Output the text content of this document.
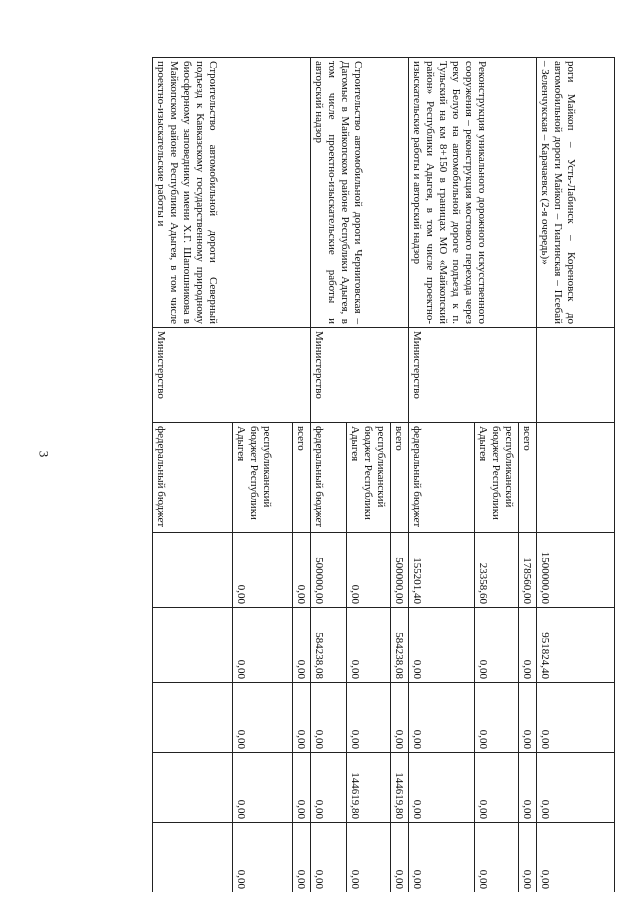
3
роги Майкоп – Усть-Лабинск – Кореновск до автомобильной дороги Майкоп – Гиагинская – Псебай – Зеленчукская – Карачаевск (2-я очередь)»			1500000,00	951824,40	0,00	0,00	0,00
Реконструкция уникального дорожного искусственного сооружения – реконструкция мостового перехода через реку Белую на автомобильной дороге подъезд к п. Тульский на км 8+150 в границах МО «Майкопский район» Республики Адыгея, в том числе проектно-изыскательские работы и авторский надзор	Министерство	всего	178560,00	0,00	0,00	0,00	0,00
		республиканский бюджет Республики Адыгея	23358,60	0,00	0,00	0,00	0,00
		федеральный бюджет	155201,40	0,00	0,00	0,00	0,00
Строительство автомобильной дороги Черниговская – Дагомыс в Майкопском районе Республики Адыгея, в том числе проектно-изыскательские работы и авторский надзор	Министерство	всего	500000,00	584238,08	0,00	144619,80	0,00
		республиканский бюджет Республики Адыгея	0,00	0,00	0,00	144619,80	0,00
		федеральный бюджет	500000,00	584238,08	0,00	0,00	0,00
Строительство автомобильной дороги Северный подъезд к Кавказскому государственному природному биосферному заповеднику имени Х.Г. Шапошникова в Майкопском районе Республики Адыгея, в том числе проектно-изыскательские работы и	Министерство	всего	0,00	0,00	0,00	0,00	0,00
		республиканский бюджет Республики Адыгея	0,00	0,00	0,00	0,00	0,00
		федеральный бюджет					
